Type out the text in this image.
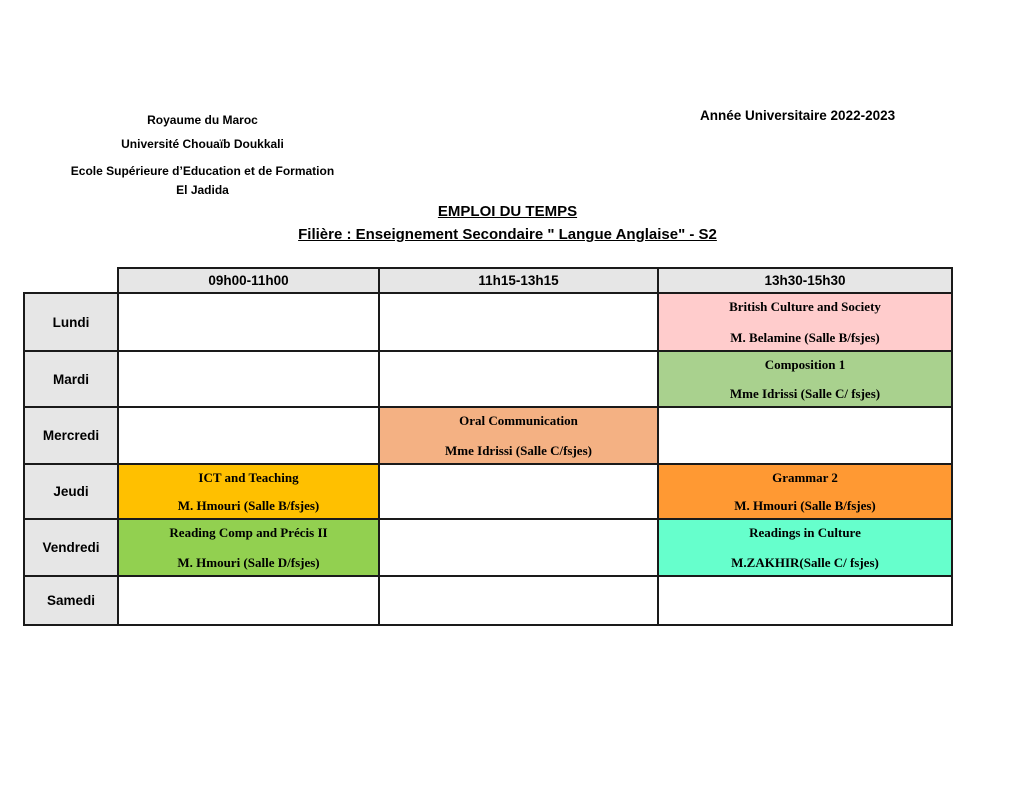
Royaume du Maroc
Université Chouaïb Doukkali
Ecole Supérieure d’Education et de Formation
El Jadida
Année Universitaire 2022-2023
EMPLOI DU TEMPS
Filière : Enseignement Secondaire " Langue Anglaise" - S2
09h00-11h00	11h15-13h15	13h30-15h30
Lundi
British Culture and Society
M. Belamine (Salle B/fsjes)
Mardi
Composition 1
Mme Idrissi (Salle C/ fsjes)
Mercredi
Oral Communication
Mme Idrissi (Salle C/fsjes)
Jeudi
ICT and Teaching
M. Hmouri (Salle B/fsjes)
Grammar 2
M. Hmouri (Salle B/fsjes)
Vendredi
Reading Comp and Précis II
M. Hmouri (Salle D/fsjes)
Readings in Culture
M.ZAKHIR(Salle C/ fsjes)
Samedi
